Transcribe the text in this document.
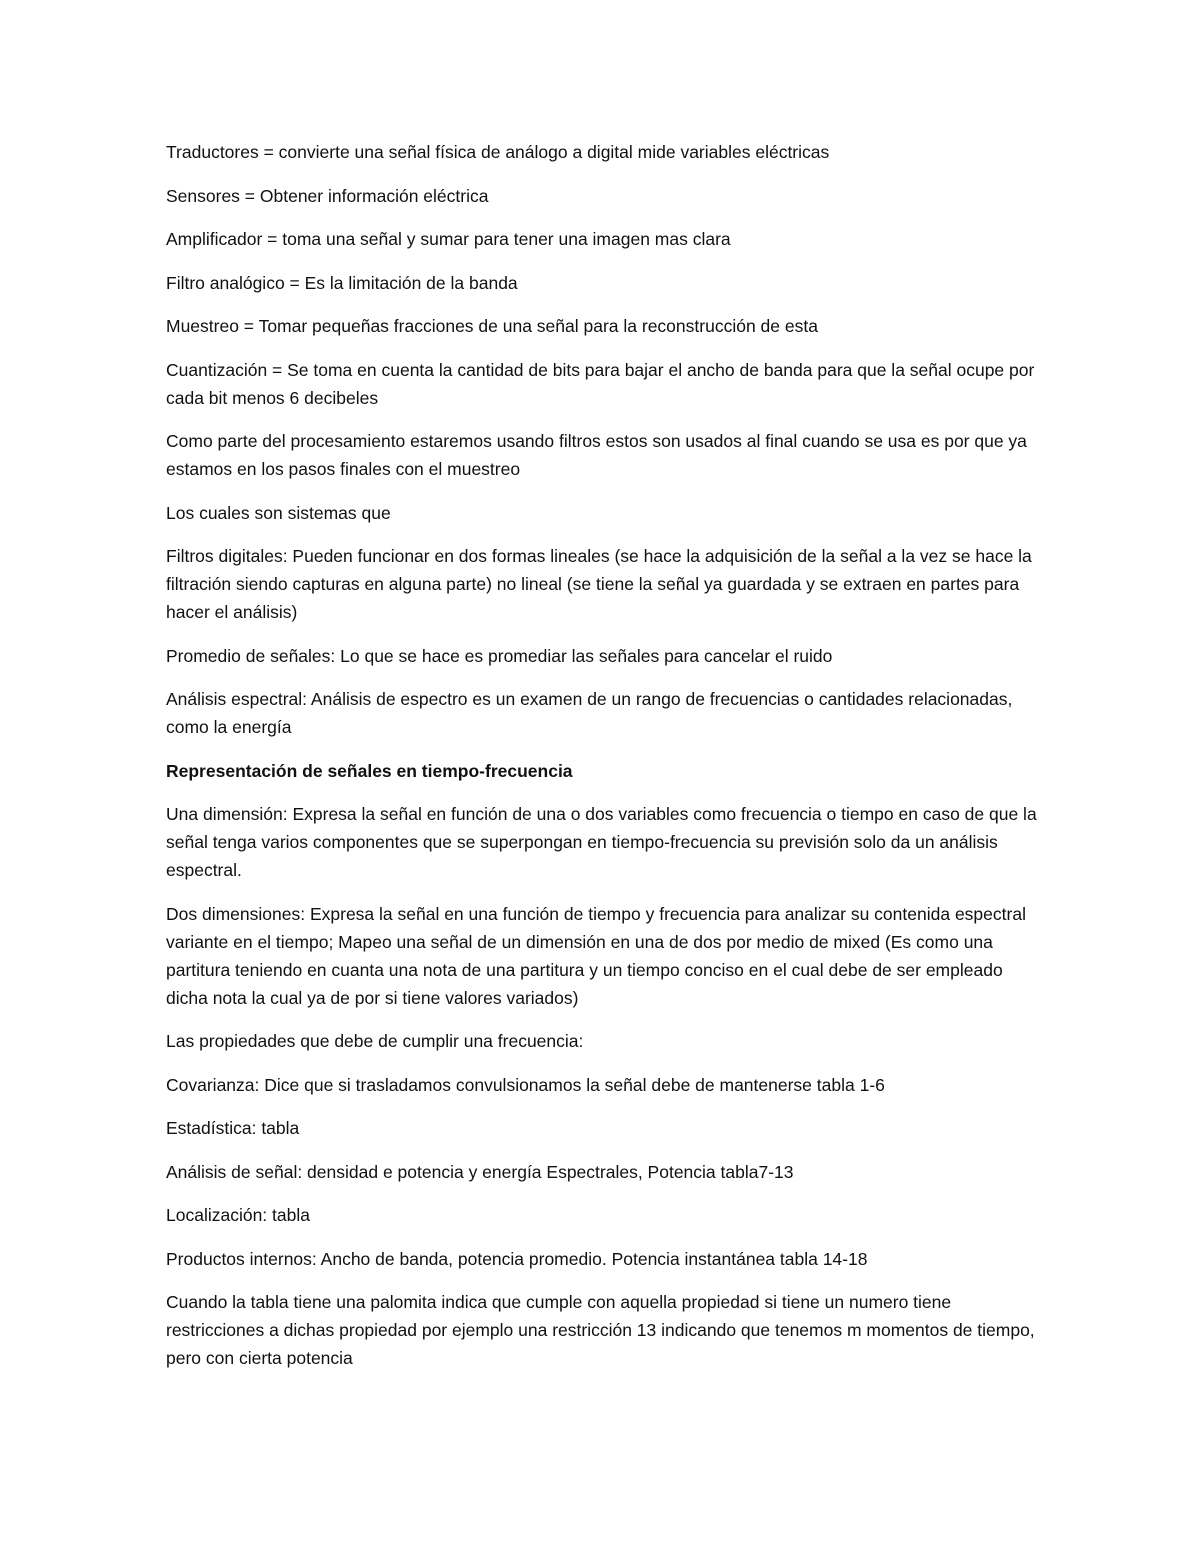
Traductores = convierte una señal física de análogo a digital mide variables eléctricas

Sensores = Obtener información eléctrica

Amplificador = toma una señal y sumar para tener una imagen mas clara

Filtro analógico = Es la limitación de la banda

Muestreo = Tomar pequeñas fracciones de una señal para la reconstrucción de esta

Cuantización = Se toma en cuenta la cantidad de bits para bajar el ancho de banda para que la señal ocupe por cada bit menos 6 decibeles

Como parte del procesamiento estaremos usando filtros estos son usados al final cuando se usa es por que ya estamos en los pasos finales con el muestreo

Los cuales son sistemas que

Filtros digitales: Pueden funcionar en dos formas lineales (se hace la adquisición de la señal a la vez se hace la filtración siendo capturas en alguna parte) no lineal (se tiene la señal ya guardada y se extraen en partes para hacer el análisis)

Promedio de señales: Lo que se hace es promediar las señales para cancelar el ruido

Análisis espectral: Análisis de espectro es un examen de un rango de frecuencias o cantidades relacionadas, como la energía

Representación de señales en tiempo-frecuencia

Una dimensión: Expresa la señal en función de una o dos variables como frecuencia o tiempo en caso de que la señal tenga varios componentes que se superpongan en tiempo-frecuencia su previsión solo da un análisis espectral.

Dos dimensiones: Expresa la señal en una función de tiempo y frecuencia para analizar su contenida espectral variante en el tiempo; Mapeo una señal de un dimensión en una de dos por medio de mixed (Es como una partitura teniendo en cuanta una nota de una partitura y un tiempo conciso en el cual debe de ser empleado dicha nota la cual ya de por si tiene valores variados)

Las propiedades que debe de cumplir una frecuencia:

Covarianza: Dice que si trasladamos convulsionamos la señal debe de mantenerse tabla 1-6

Estadística: tabla

Análisis de señal: densidad e potencia y energía Espectrales, Potencia tabla7-13

Localización: tabla

Productos internos: Ancho de banda, potencia promedio. Potencia instantánea tabla 14-18

Cuando la tabla tiene una palomita indica que cumple con aquella propiedad si tiene un numero tiene restricciones a dichas propiedad por ejemplo una restricción 13 indicando que tenemos m momentos de tiempo, pero con cierta potencia
